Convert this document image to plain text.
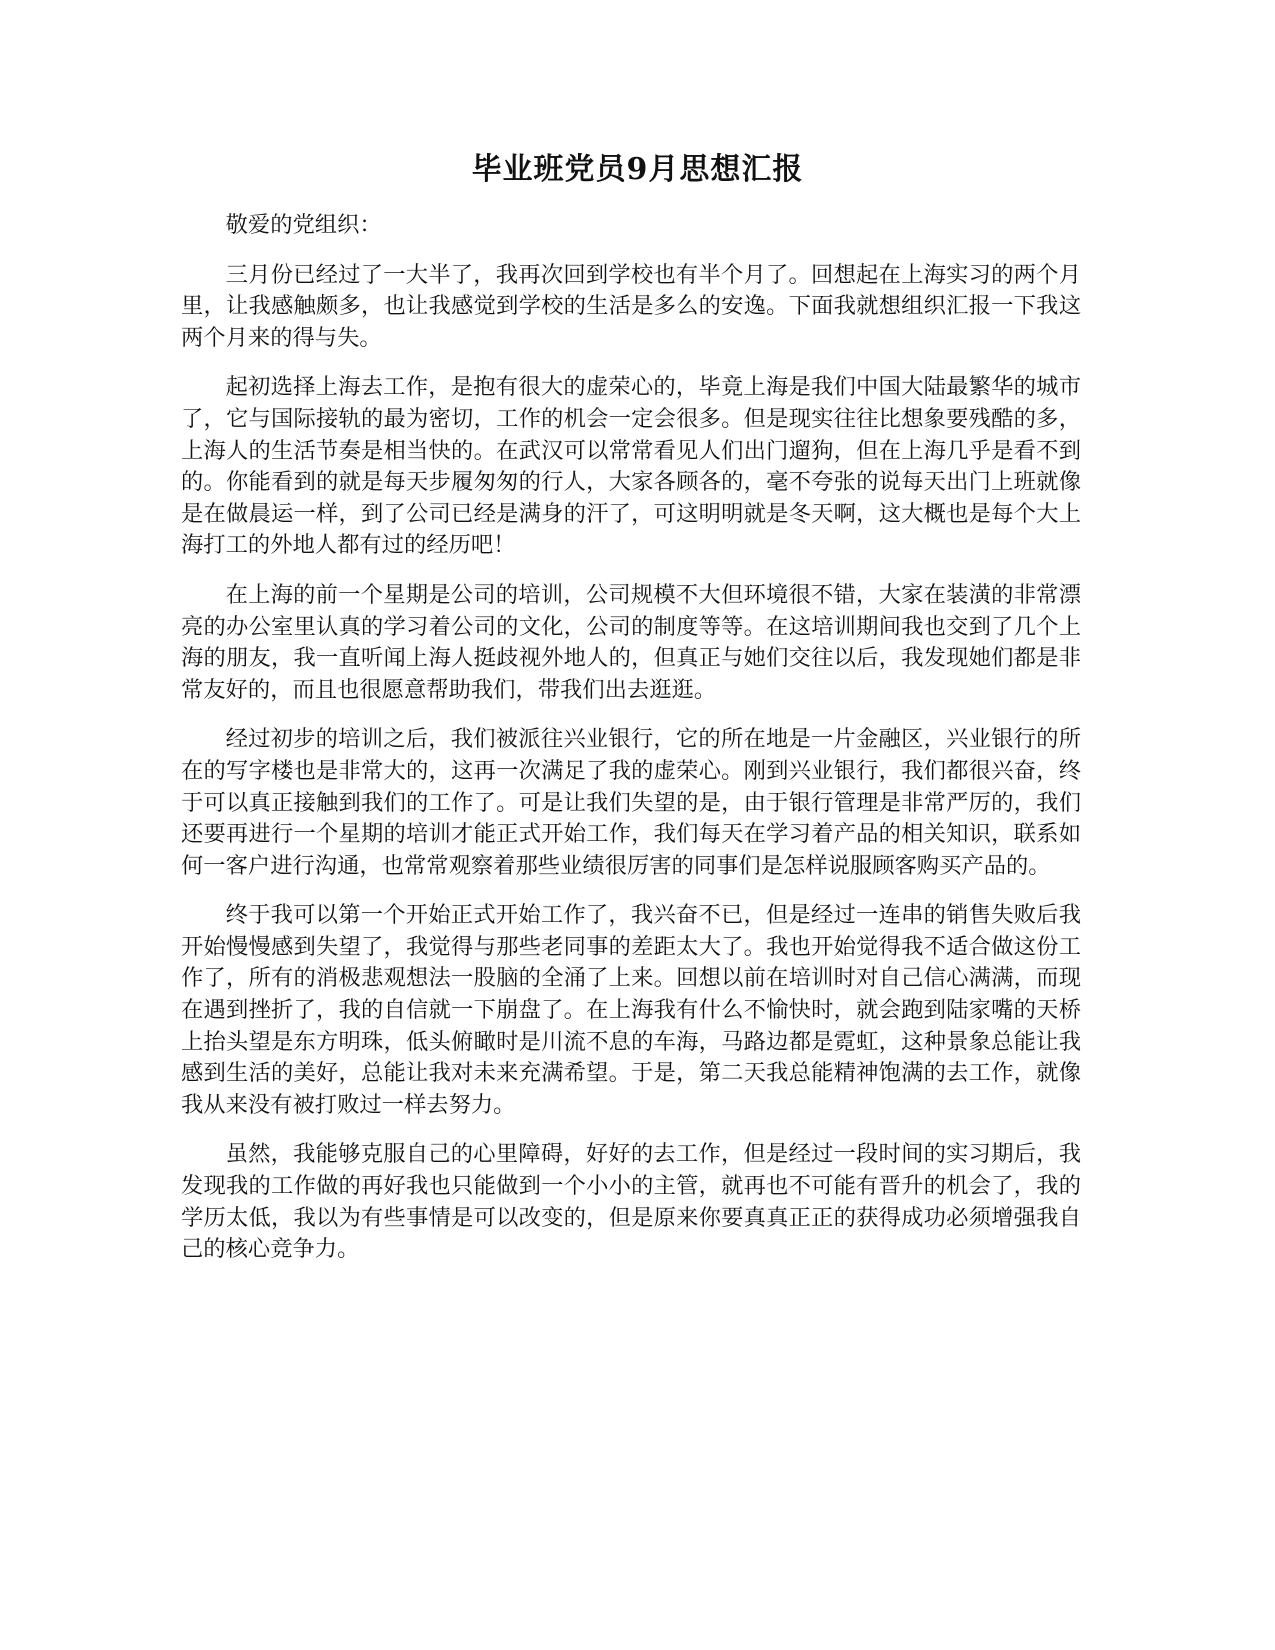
毕业班党员9月思想汇报

敬爱的党组织：

三月份已经过了一大半了，我再次回到学校也有半个月了。回想起在上海实习的两个月里，让我感触颇多，也让我感觉到学校的生活是多么的安逸。下面我就想组织汇报一下我这两个月来的得与失。

起初选择上海去工作，是抱有很大的虚荣心的，毕竟上海是我们中国大陆最繁华的城市了，它与国际接轨的最为密切，工作的机会一定会很多。但是现实往往比想象要残酷的多，上海人的生活节奏是相当快的。在武汉可以常常看见人们出门遛狗，但在上海几乎是看不到的。你能看到的就是每天步履匆匆的行人，大家各顾各的，毫不夸张的说每天出门上班就像是在做晨运一样，到了公司已经是满身的汗了，可这明明就是冬天啊，这大概也是每个大上海打工的外地人都有过的经历吧！

在上海的前一个星期是公司的培训，公司规模不大但环境很不错，大家在装潢的非常漂亮的办公室里认真的学习着公司的文化，公司的制度等等。在这培训期间我也交到了几个上海的朋友，我一直听闻上海人挺歧视外地人的，但真正与她们交往以后，我发现她们都是非常友好的，而且也很愿意帮助我们，带我们出去逛逛。

经过初步的培训之后，我们被派往兴业银行，它的所在地是一片金融区，兴业银行的所在的写字楼也是非常大的，这再一次满足了我的虚荣心。刚到兴业银行，我们都很兴奋，终于可以真正接触到我们的工作了。可是让我们失望的是，由于银行管理是非常严厉的，我们还要再进行一个星期的培训才能正式开始工作，我们每天在学习着产品的相关知识，联系如何一客户进行沟通，也常常观察着那些业绩很厉害的同事们是怎样说服顾客购买产品的。

终于我可以第一个开始正式开始工作了，我兴奋不已，但是经过一连串的销售失败后我开始慢慢感到失望了，我觉得与那些老同事的差距太大了。我也开始觉得我不适合做这份工作了，所有的消极悲观想法一股脑的全涌了上来。回想以前在培训时对自己信心满满，而现在遇到挫折了，我的自信就一下崩盘了。在上海我有什么不愉快时，就会跑到陆家嘴的天桥上抬头望是东方明珠，低头俯瞰时是川流不息的车海，马路边都是霓虹，这种景象总能让我感到生活的美好，总能让我对未来充满希望。于是，第二天我总能精神饱满的去工作，就像我从来没有被打败过一样去努力。

虽然，我能够克服自己的心里障碍，好好的去工作，但是经过一段时间的实习期后，我发现我的工作做的再好我也只能做到一个小小的主管，就再也不可能有晋升的机会了，我的学历太低，我以为有些事情是可以改变的，但是原来你要真真正正的获得成功必须增强我自己的核心竞争力。
